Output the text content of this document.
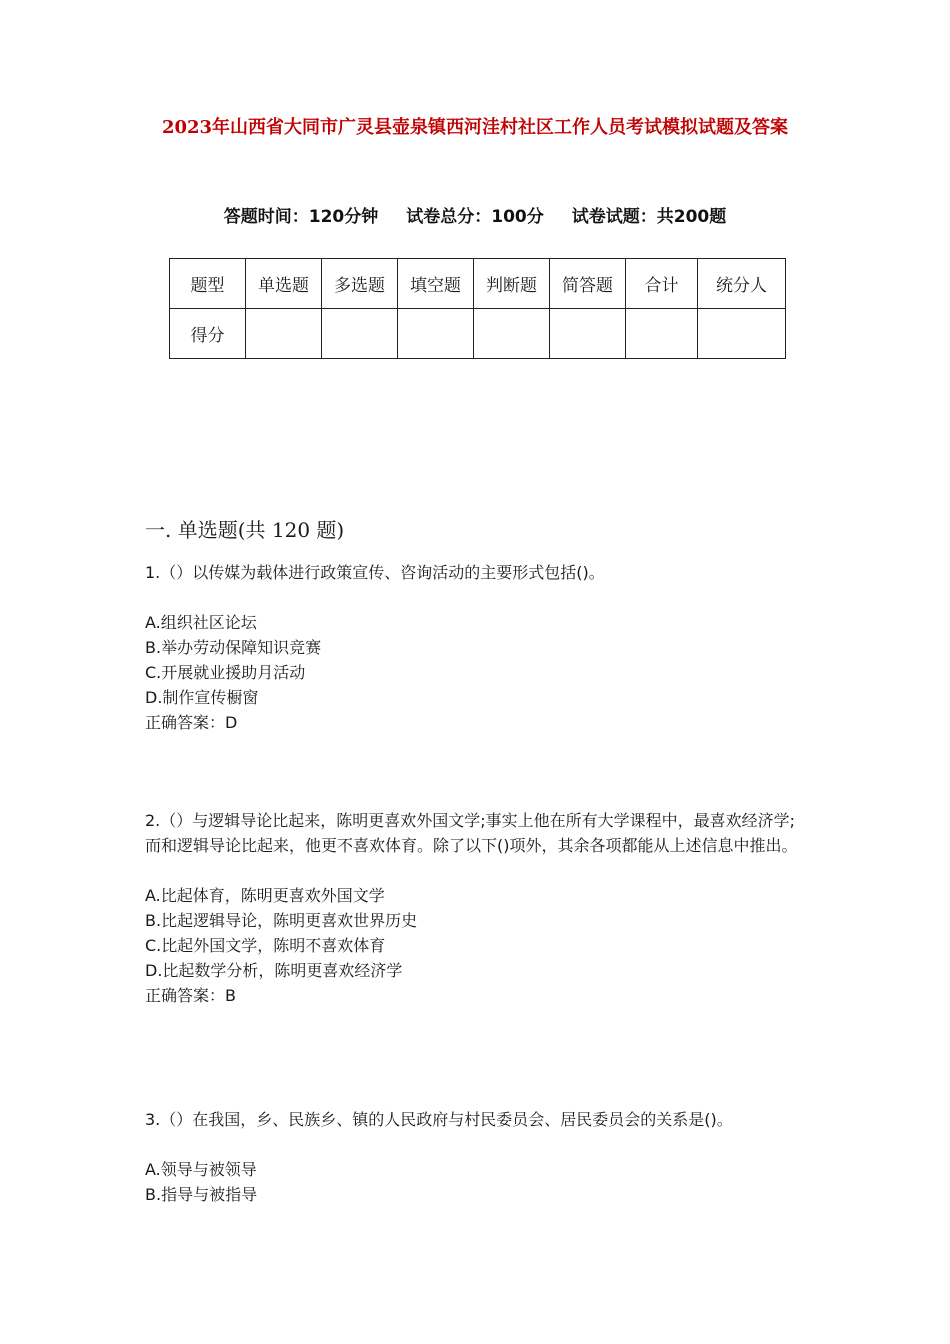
2023年山西省大同市广灵县壶泉镇西河洼村社区工作人员考试模拟试题及答案
答题时间：120分钟 试卷总分：100分 试卷试题：共200题
题型	单选题	多选题	填空题	判断题	简答题	合计	统分人
得分							
一. 单选题(共 120 题)

1.（）以传媒为载体进行政策宣传、咨询活动的主要形式包括()。

A.组织社区论坛

B.举办劳动保障知识竞赛

C.开展就业援助月活动

D.制作宣传橱窗

正确答案：D

2.（）与逻辑导论比起来，陈明更喜欢外国文学;事实上他在所有大学课程中，最喜欢经济学;而和逻辑导论比起来，他更不喜欢体育。除了以下()项外，其余各项都能从上述信息中推出。

A.比起体育，陈明更喜欢外国文学

B.比起逻辑导论，陈明更喜欢世界历史

C.比起外国文学，陈明不喜欢体育

D.比起数学分析，陈明更喜欢经济学

正确答案：B

3.（）在我国，乡、民族乡、镇的人民政府与村民委员会、居民委员会的关系是()。

A.领导与被领导

B.指导与被指导
